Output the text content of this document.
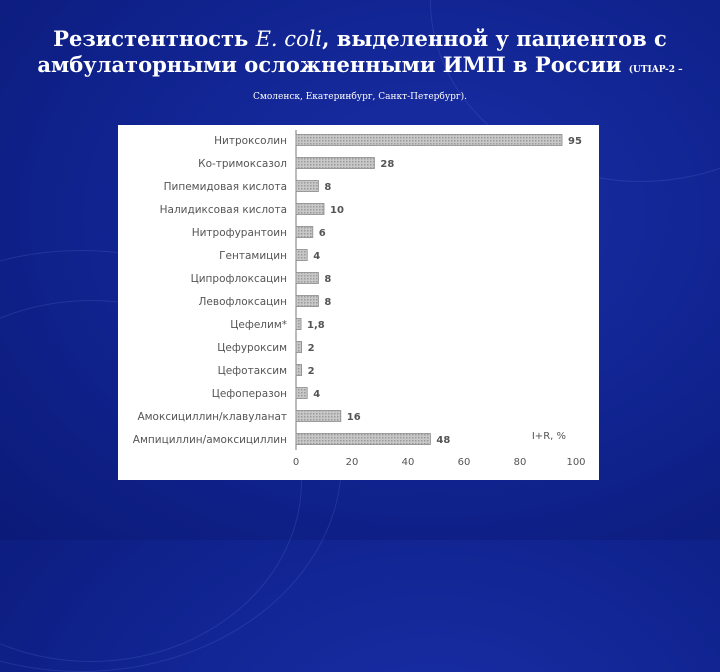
Резистентность E. coli, выделенной у пациентов с
амбулаторными осложненными ИМП в России (UTIAP-2 –
Смоленск, Екатеринбург, Санкт-Петербург).
Нитроксолин	95
Ко-тримоксазол	28
Пипемидовая кислота	8
Налидиксовая кислота	10
Нитрофурантоин	6
Гентамицин	4
Ципрофлоксацин	8
Левофлоксацин	8
Цефелим* 1,8
Цефуроксим 2
Цефотаксим 2
Цефоперазон	4
Амоксициллин/клавуланат	16
Ампициллин/амоксициллин	48
0	20	40	60	80	100
I+R, %
